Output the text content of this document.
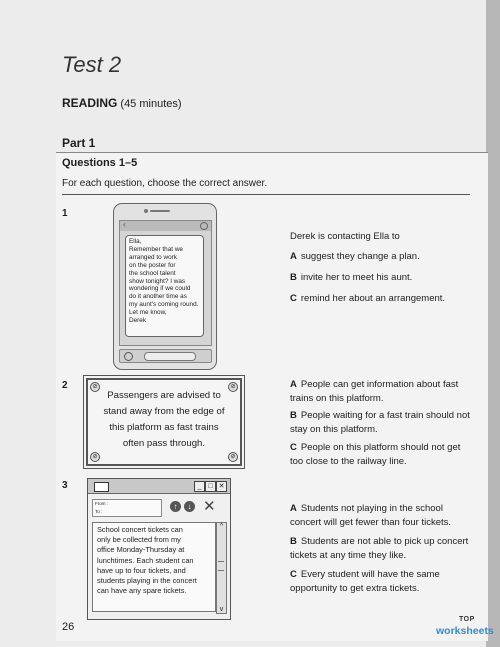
Test 2
READING (45 minutes)
Part 1
Questions 1–5
For each question, choose the correct answer.
1
‹
Ella,
Remember that we
arranged to work
on the poster for
the school talent
show tonight? I was
wondering if we could
do it another time as
my aunt's coming round.
Let me know,
Derek
Derek is contacting Ella to
A suggest they change a plan.
B invite her to meet his aunt.
C remind her about an arrangement.
2	⊘	⊘
⊘	⊘
Passengers are advised to
stand away from the edge of
this platform as fast trains
often pass through.
A People can get information about fast trains on this platform.
B People waiting for a fast train should not stay on this platform.
C People on this platform should not get too close to the railway line.
3	_ □ ✕
From :
To :	↑	↓ ✕
School concert tickets can
only be collected from my
office Monday-Thursday at
lunchtimes. Each student can
have up to four tickets, and
students playing in the concert
can have any spare tickets.
^
v
A Students not playing in the school concert will get fewer than four tickets.
B Students are not able to pick up concert tickets at any time they like.
C Every student will have the same opportunity to get extra tickets.
26
TOP
worksheets
